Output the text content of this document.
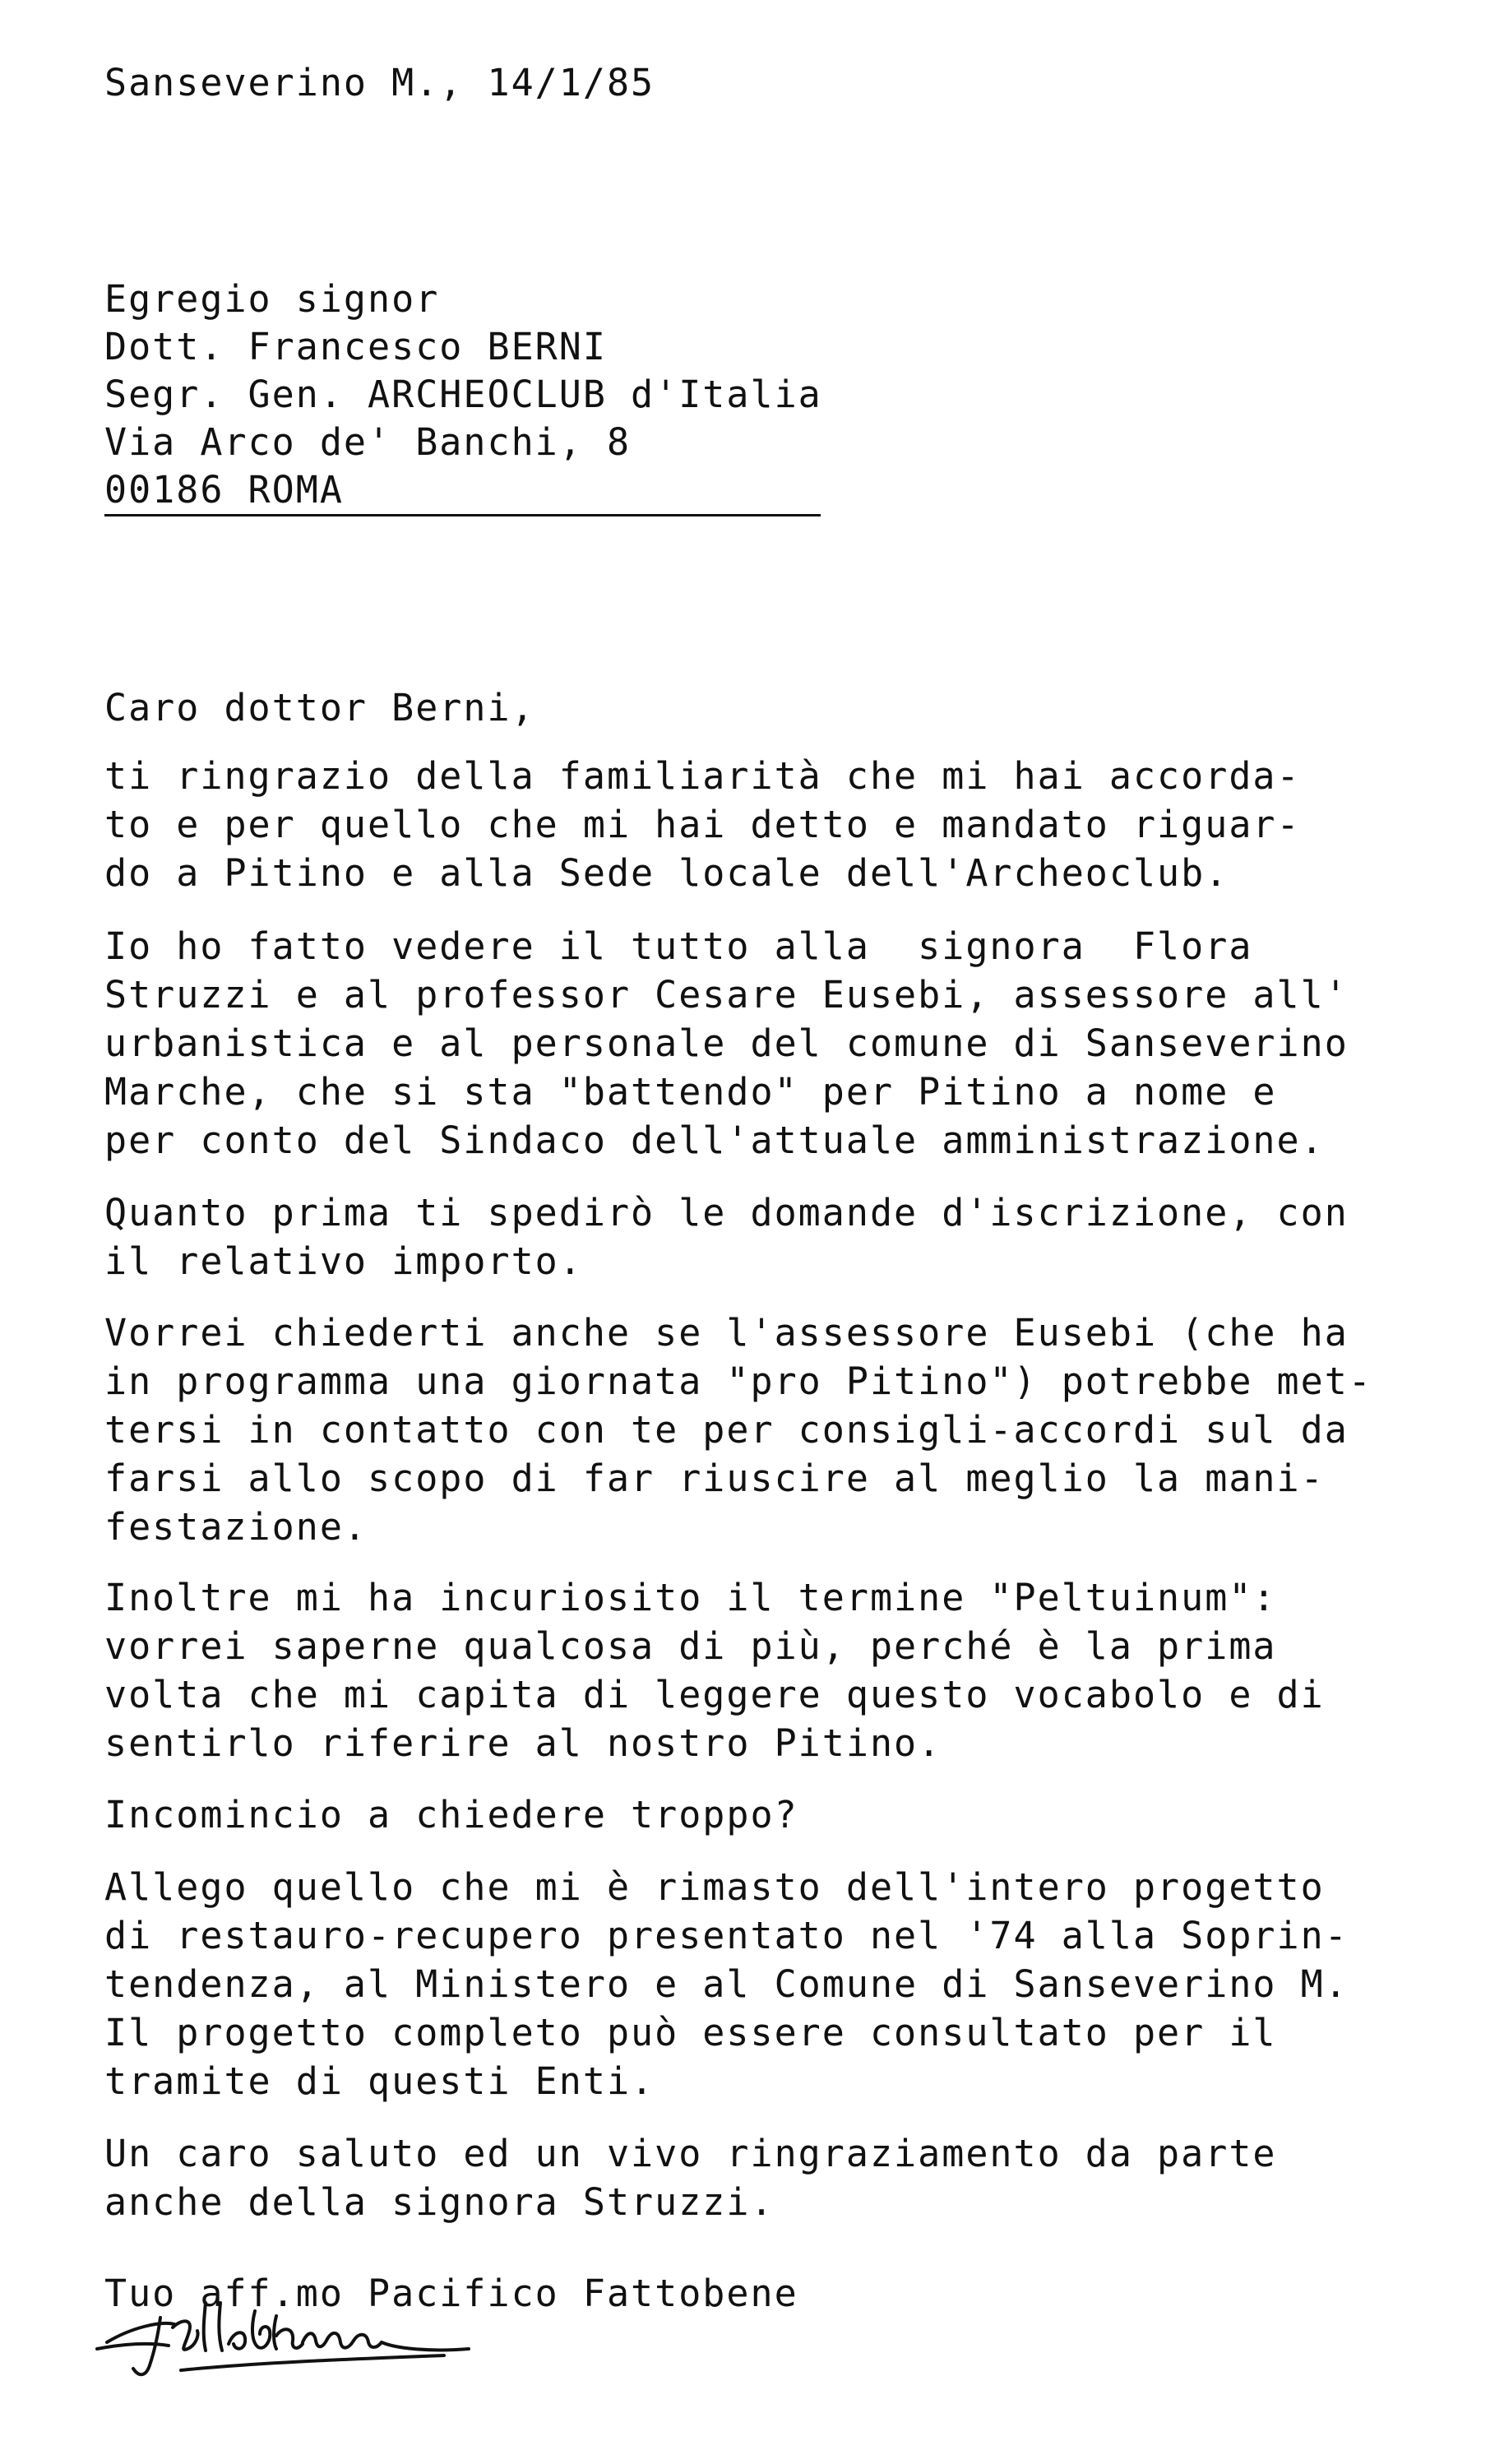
Sanseverino M., 14/1/85

Egregio signor

Dott. Francesco BERNI

Segr. Gen. ARCHEOCLUB d'Italia

Via Arco de' Banchi, 8

00186 ROMA

Caro dottor Berni,

ti ringrazio della familiarità che mi hai accorda-

to e per quello che mi hai detto e mandato riguar-

do a Pitino e alla Sede locale dell'Archeoclub.

Io ho fatto vedere il tutto alla  signora  Flora

Struzzi e al professor Cesare Eusebi, assessore all'

urbanistica e al personale del comune di Sanseverino

Marche, che si sta "battendo" per Pitino a nome e

per conto del Sindaco dell'attuale amministrazione.

Quanto prima ti spedirò le domande d'iscrizione, con

il relativo importo.

Vorrei chiederti anche se l'assessore Eusebi (che ha

in programma una giornata "pro Pitino") potrebbe met-

tersi in contatto con te per consigli-accordi sul da

farsi allo scopo di far riuscire al meglio la mani-

festazione.

Inoltre mi ha incuriosito il termine "Peltuinum":

vorrei saperne qualcosa di più, perché è la prima

volta che mi capita di leggere questo vocabolo e di

sentirlo riferire al nostro Pitino.

Incomincio a chiedere troppo?

Allego quello che mi è rimasto dell'intero progetto

di restauro-recupero presentato nel '74 alla Soprin-

tendenza, al Ministero e al Comune di Sanseverino M.

Il progetto completo può essere consultato per il

tramite di questi Enti.

Un caro saluto ed un vivo ringraziamento da parte

anche della signora Struzzi.

Tuo aff.mo Pacifico Fattobene
